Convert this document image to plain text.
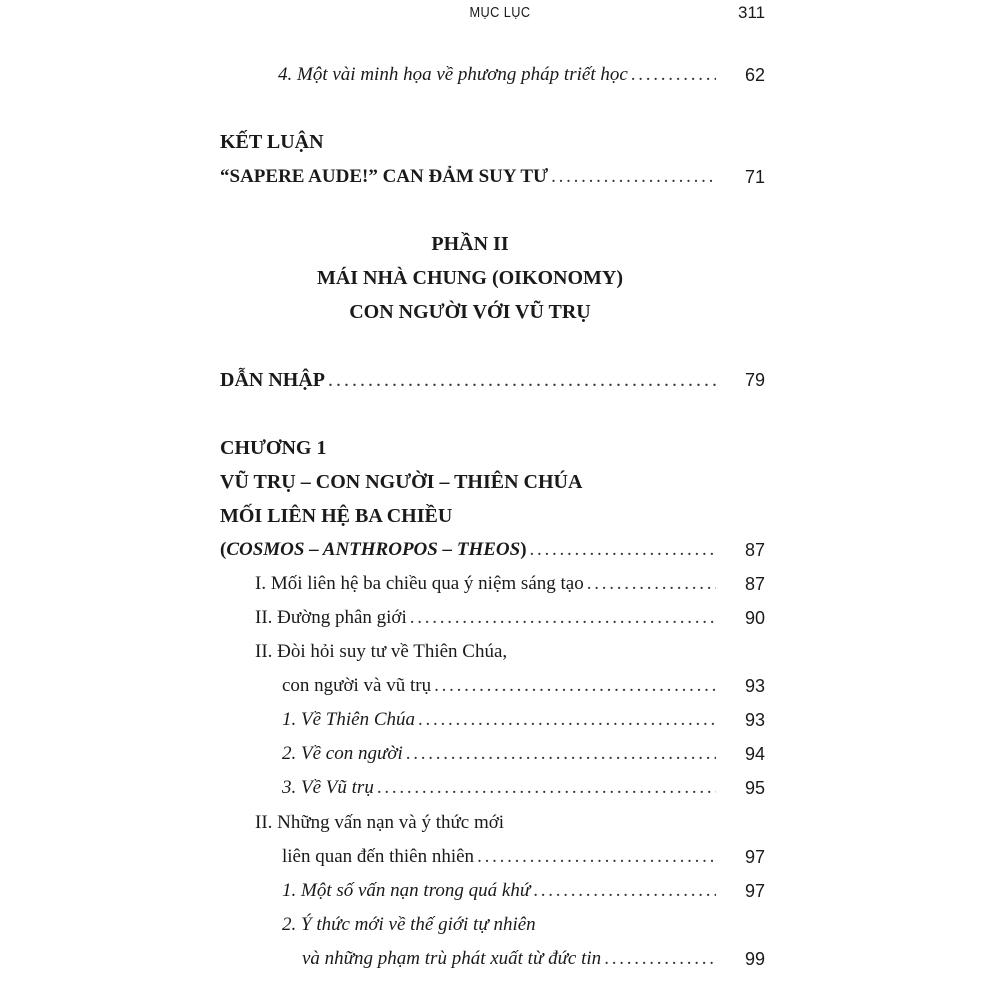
MỤC LỤC	311
4. Một vài minh họa về phương pháp triết học . . .	62
KẾT LUẬN
“SAPERE AUDE!” CAN ĐẢM SUY TƯ . . .	71
PHẦN II
MÁI NHÀ CHUNG (OIKONOMY)
CON NGƯỜI VỚI VŨ TRỤ
DẪN NHẬP . . .	79
CHƯƠNG 1
VŨ TRỤ – CON NGƯỜI – THIÊN CHÚA
MỐI LIÊN HỆ BA CHIỀU
(COSMOS – ANTHROPOS – THEOS) . . .	87
I. Mối liên hệ ba chiều qua ý niệm sáng tạo . . .	87
II. Đường phân giới . . .	90
II. Đòi hỏi suy tư về Thiên Chúa,
con người và vũ trụ . . .	93
1. Về Thiên Chúa . . .	93
2. Về con người . . .	94
3. Về Vũ trụ . . .	95
II. Những vấn nạn và ý thức mới
liên quan đến thiên nhiên . . .	97
1. Một số vấn nạn trong quá khứ . . .	97
2. Ý thức mới về thế giới tự nhiên
và những phạm trù phát xuất từ đức tin . . .	99
